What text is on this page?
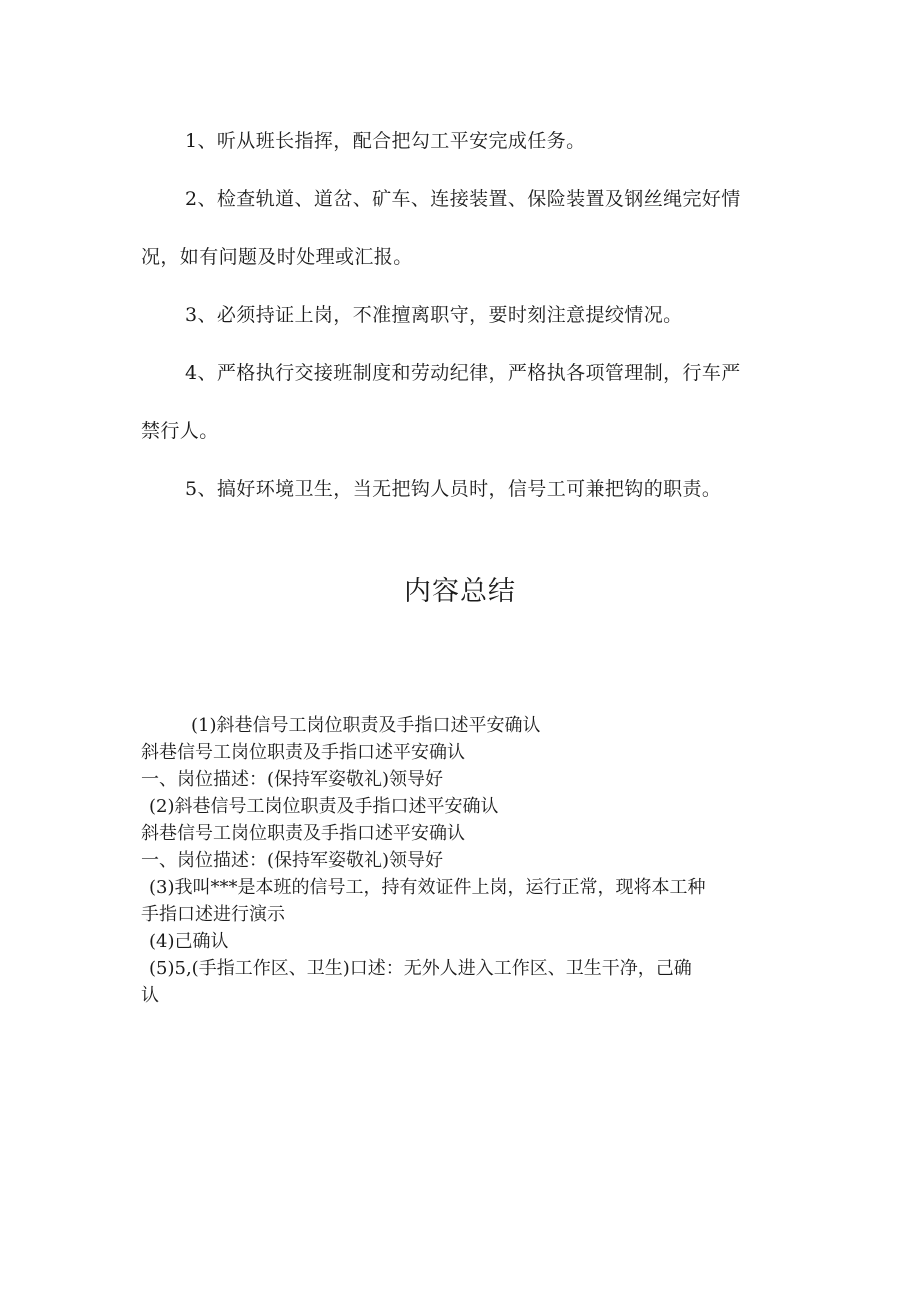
1、听从班长指挥，配合把勾工平安完成任务。

2、检查轨道、道岔、矿车、连接装置、保险装置及钢丝绳完好情

况，如有问题及时处理或汇报。

3、必须持证上岗，不准擅离职守，要时刻注意提绞情况。

4、严格执行交接班制度和劳动纪律，严格执各项管理制，行车严

禁行人。

5、搞好环境卫生，当无把钩人员时，信号工可兼把钩的职责。

内容总结

(1)斜巷信号工岗位职责及手指口述平安确认

斜巷信号工岗位职责及手指口述平安确认

一、岗位描述：(保持军姿敬礼)领导好

(2)斜巷信号工岗位职责及手指口述平安确认

斜巷信号工岗位职责及手指口述平安确认

一、岗位描述：(保持军姿敬礼)领导好

(3)我叫***是本班的信号工，持有效证件上岗，运行正常，现将本工种

手指口述进行演示

(4)己确认

(5)5,(手指工作区、卫生)口述：无外人进入工作区、卫生干净，己确

认
